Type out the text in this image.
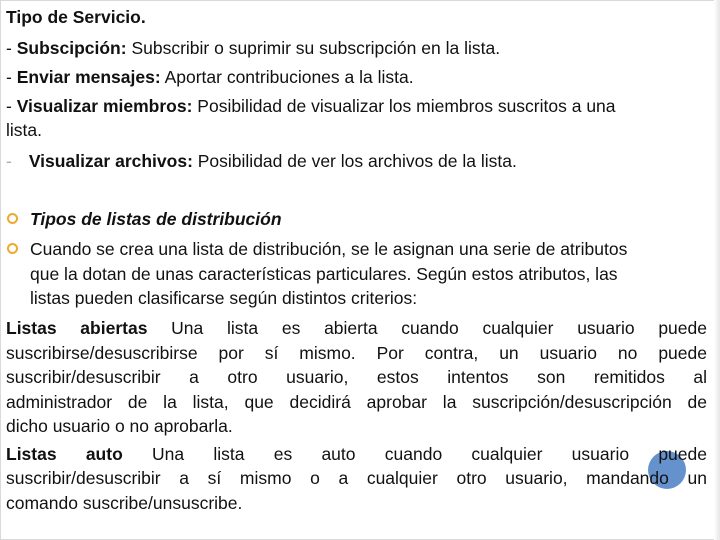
Tipo de Servicio.
- Subscipción: Subscribir o suprimir su subscripción en la lista.
- Enviar mensajes: Aportar contribuciones a la lista.
- Visualizar miembros: Posibilidad de visualizar los miembros suscritos a una
lista.
- Visualizar archivos: Posibilidad de ver los archivos de la lista.
Tipos de listas de distribución
Cuando se crea una lista de distribución, se le asignan una serie de atributos
que la dotan de unas características particulares. Según estos atributos, las
listas pueden clasificarse según distintos criterios:
Listas abiertas Una lista es abierta cuando cualquier usuario puede
suscribirse/desuscribirse por sí mismo. Por contra, un usuario no puede
suscribir/desuscribir a otro usuario, estos intentos son remitidos al
administrador de la lista, que decidirá aprobar la suscripción/desuscripción de
dicho usuario o no aprobarla.
Listas auto Una lista es auto cuando cualquier usuario puede
suscribir/desuscribir a sí mismo o a cualquier otro usuario, mandando un
comando suscribe/unsuscribe.
